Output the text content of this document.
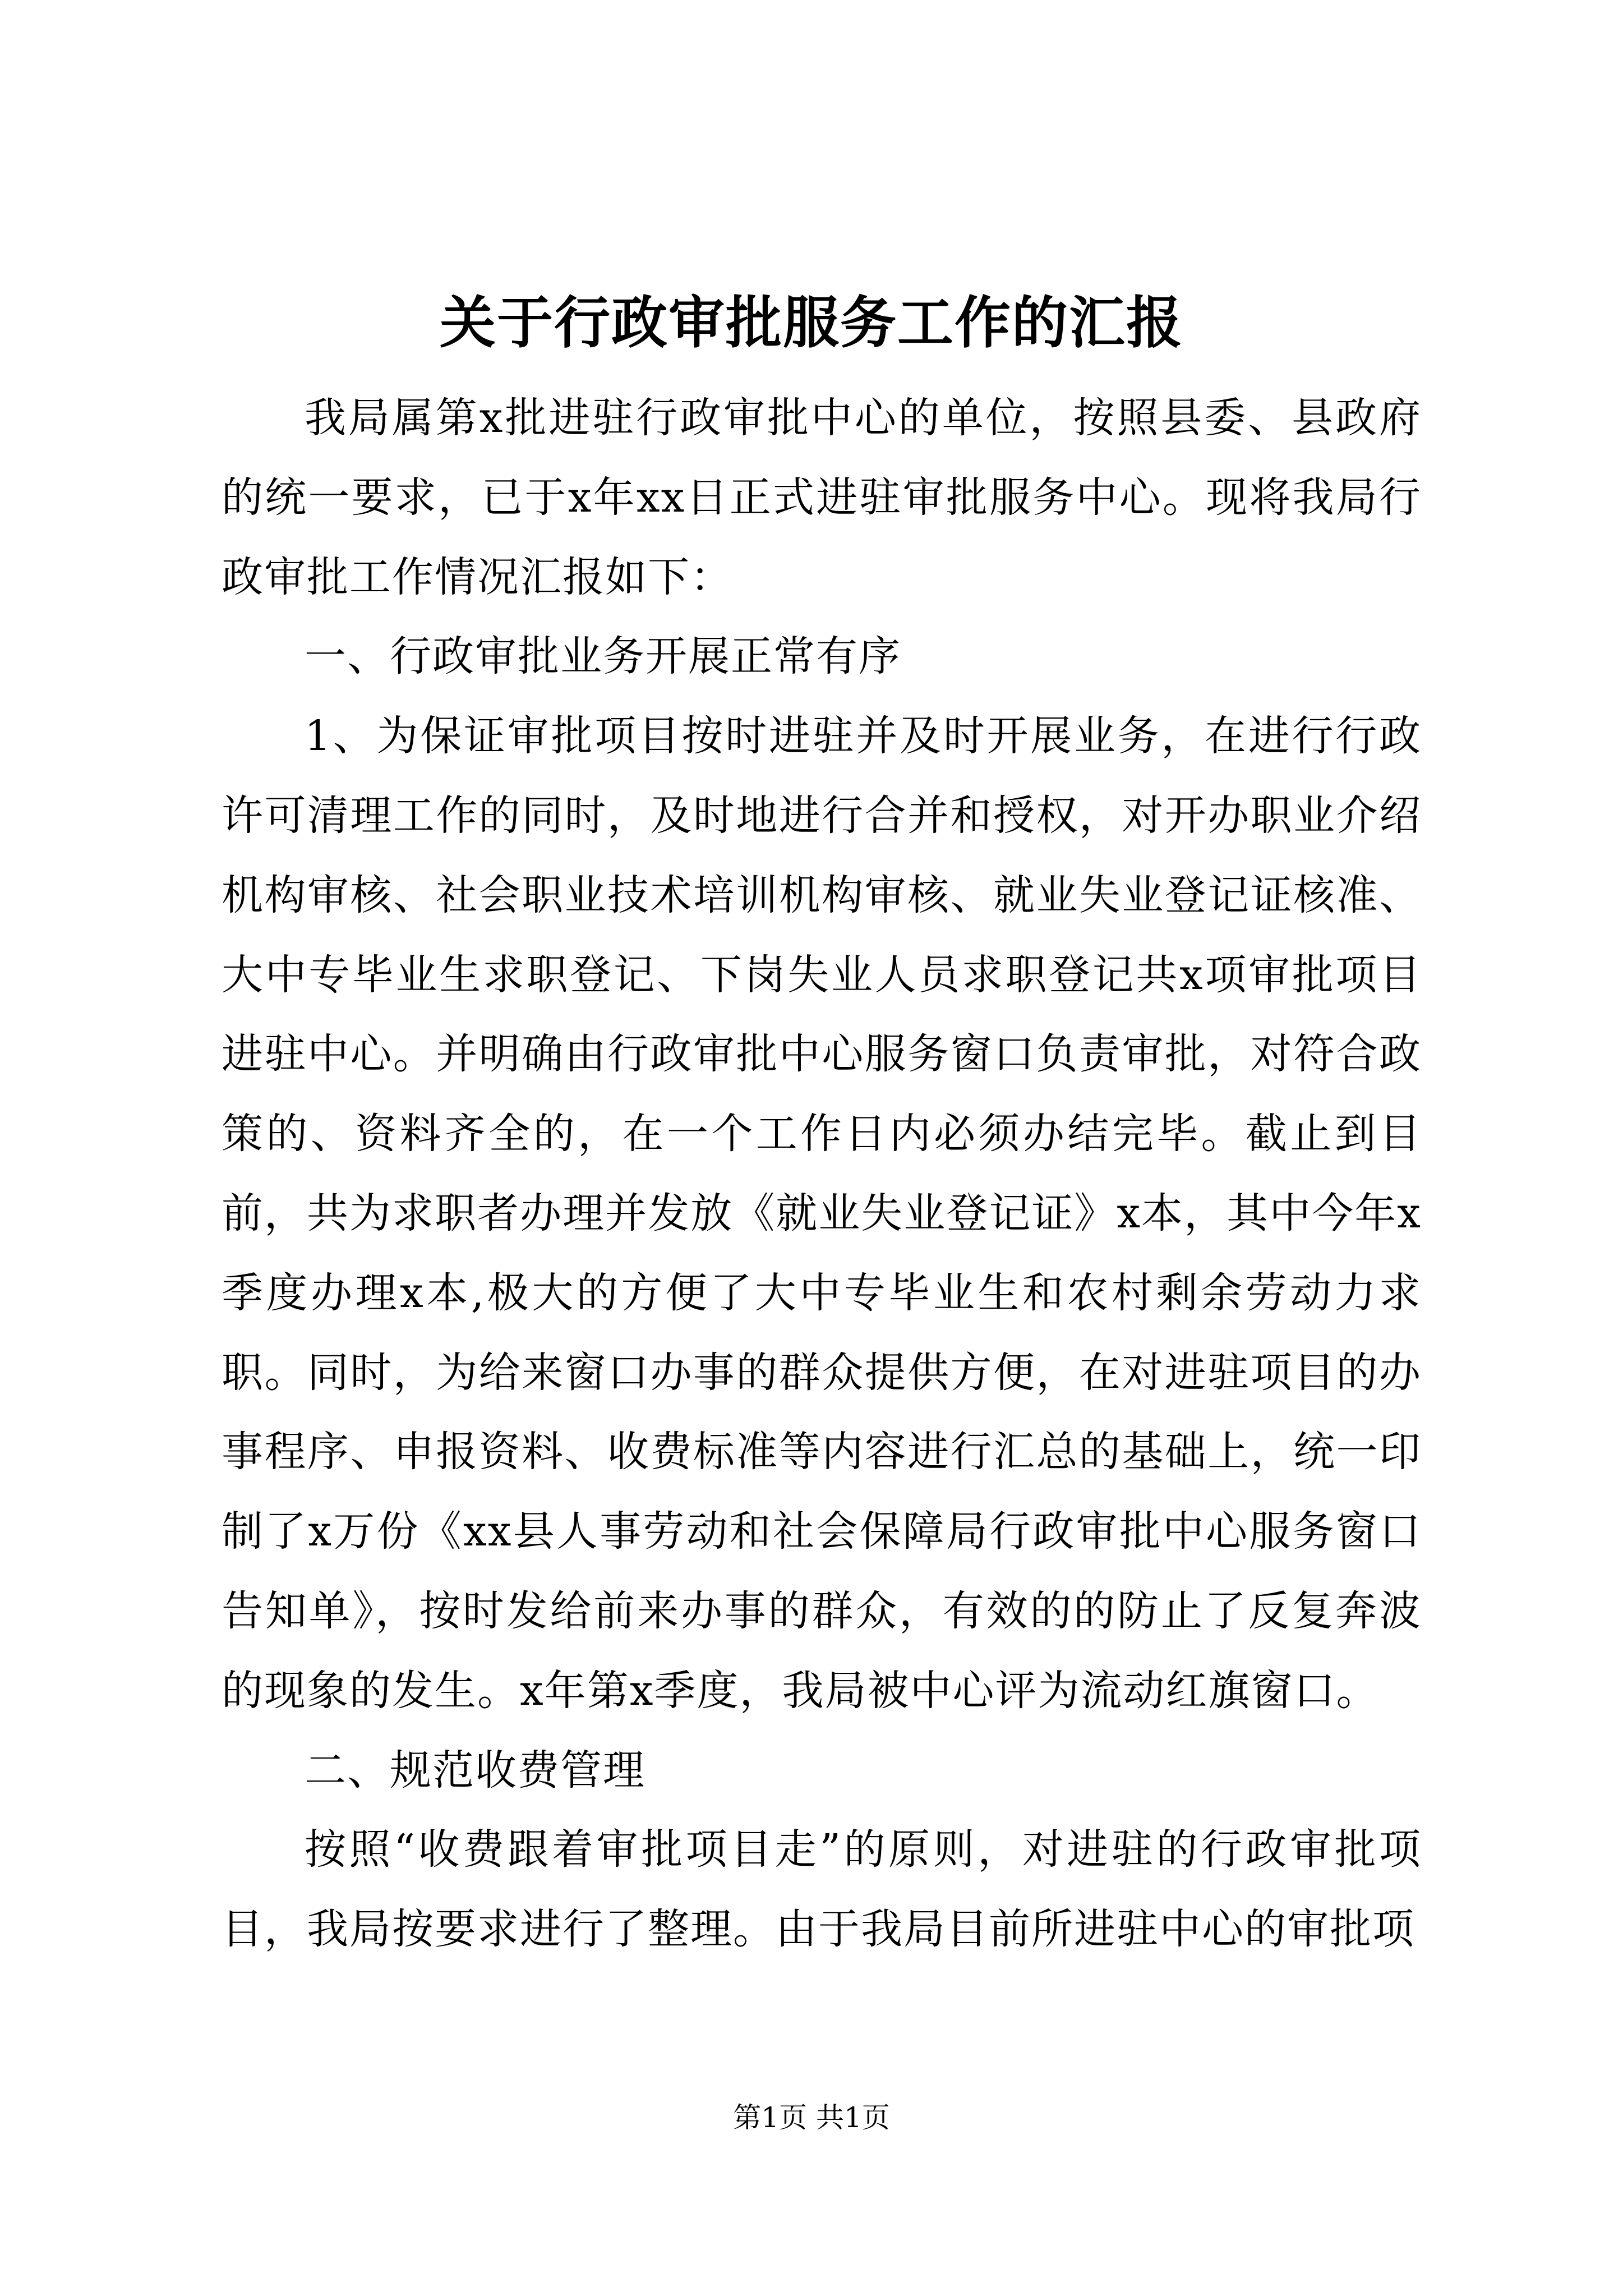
关于行政审批服务工作的汇报

我局属第x批进驻行政审批中心的单位，按照县委、县政府的统一要求，已于x年xx日正式进驻审批服务中心。现将我局行政审批工作情况汇报如下：

一、行政审批业务开展正常有序

1、为保证审批项目按时进驻并及时开展业务，在进行行政许可清理工作的同时，及时地进行合并和授权，对开办职业介绍机构审核、社会职业技术培训机构审核、就业失业登记证核准、大中专毕业生求职登记、下岗失业人员求职登记共x项审批项目进驻中心。并明确由行政审批中心服务窗口负责审批，对符合政策的、资料齐全的，在一个工作日内必须办结完毕。截止到目前，共为求职者办理并发放《就业失业登记证》x本，其中今年x季度办理x本,极大的方便了大中专毕业生和农村剩余劳动力求职。同时，为给来窗口办事的群众提供方便，在对进驻项目的办事程序、申报资料、收费标准等内容进行汇总的基础上，统一印制了x万份《xx县人事劳动和社会保障局行政审批中心服务窗口告知单》，按时发给前来办事的群众，有效的的防止了反复奔波的现象的发生。x年第x季度，我局被中心评为流动红旗窗口。

二、规范收费管理

按照“收费跟着审批项目走”的原则，对进驻的行政审批项目，我局按要求进行了整理。由于我局目前所进驻中心的审批项

第1页 共1页
